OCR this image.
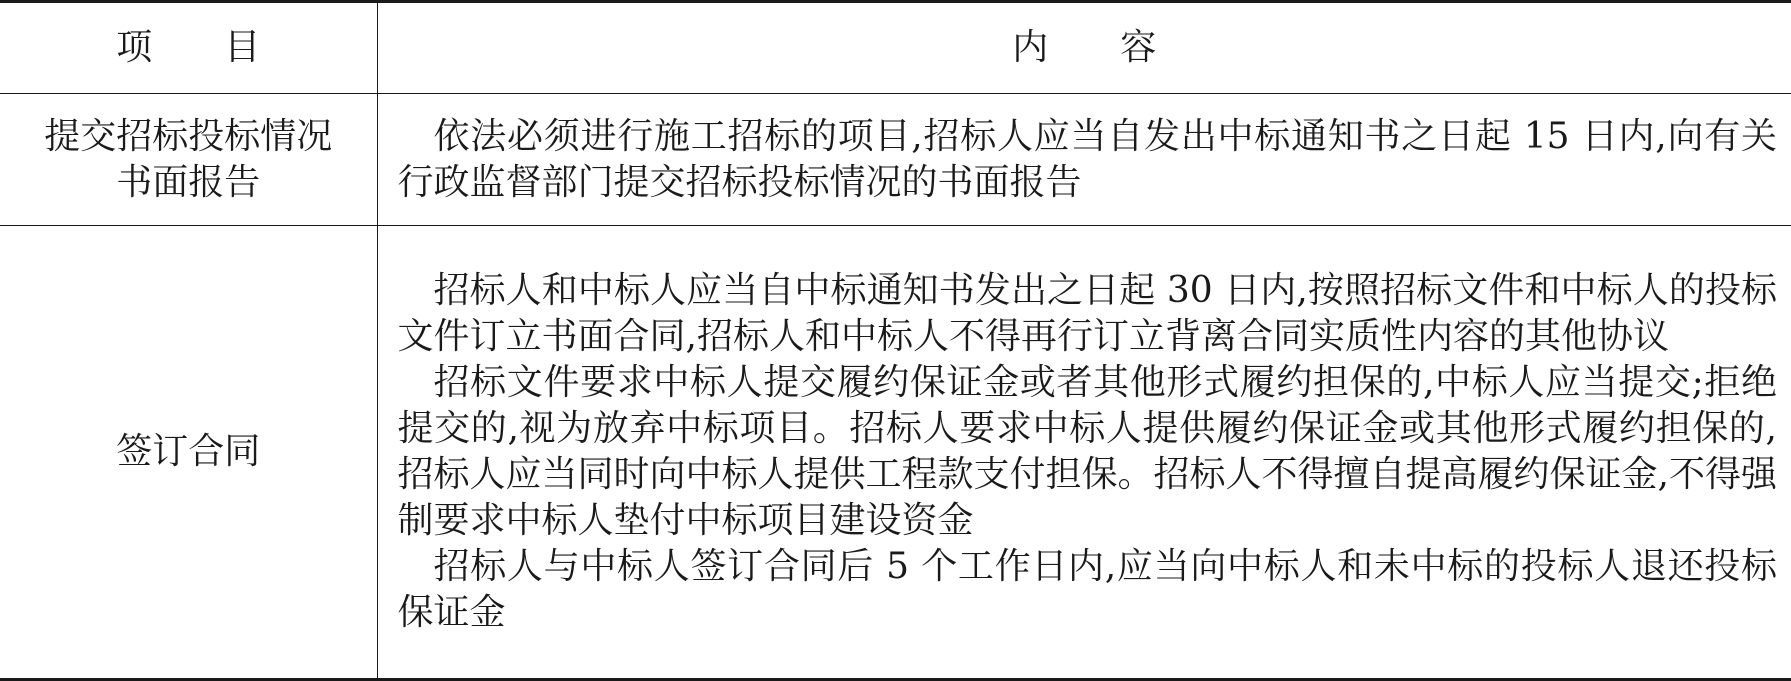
项 目	内 容

提交招标投标情况书面报告	依法必须进行施工招标的项目,招标人应当自发出中标通知书之日起 15 日内,向有关行政监督部门提交招标投标情况的书面报告

签订合同	招标人和中标人应当自中标通知书发出之日起 30 日内,按照招标文件和中标人的投标文件订立书面合同,招标人和中标人不得再行订立背离合同实质性内容的其他协议

招标文件要求中标人提交履约保证金或者其他形式履约担保的,中标人应当提交;拒绝提交的,视为放弃中标项目。招标人要求中标人提供履约保证金或其他形式履约担保的,招标人应当同时向中标人提供工程款支付担保。招标人不得擅自提高履约保证金,不得强制要求中标人垫付中标项目建设资金

招标人与中标人签订合同后 5 个工作日内,应当向中标人和未中标的投标人退还投标保证金
